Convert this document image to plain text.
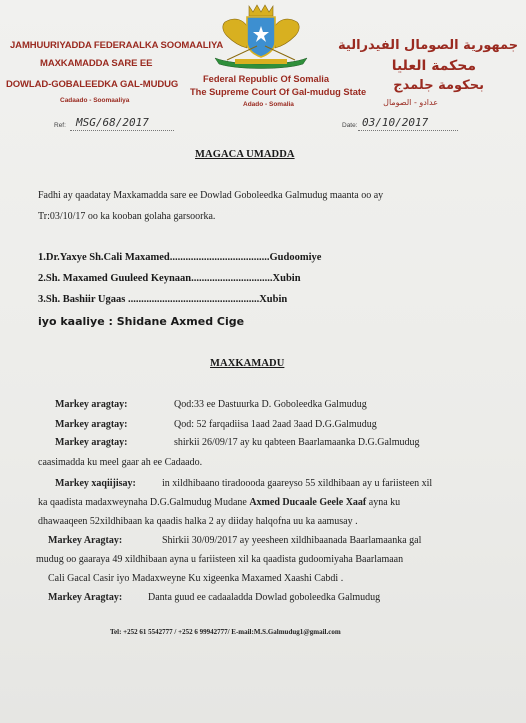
JAMHUURIYADDA FEDERAALKA SOOMAALIYA
MAXKAMADDA SARE EE
DOWLAD-GOBALEEDKA GAL-MUDUG
Cadaado - Soomaaliya
Federal Republic Of Somalia
The Supreme Court Of Gal-mudug State
Adado - Somalia
جمهورية الصومال الفيدرالية
محكمة العليا
بحكومة جلمدج
عدادو - الصومال
Ref: MSG/68/2017	Date: 03/10/2017
MAGACA UMADDA
Fadhi ay qaadatay Maxkamadda sare ee Dowlad Goboleedka Galmudug maanta oo ay
Tr:03/10/17 oo ka kooban golaha garsoorka.
1.Dr.Yaxye Sh.Cali Maxamed......................................Gudoomiye
2.Sh. Maxamed Guuleed Keynaan...............................Xubin
3.Sh. Bashiir Ugaas ..................................................Xubin
iyo kaaliye : Shidane Axmed Cige
MAXKAMADU
Markey aragtay:	Qod:33 ee Dastuurka D. Goboleedka Galmudug
Markey aragtay:	Qod: 52 farqadiisa 1aad 2aad 3aad D.G.Galmudug
Markey aragtay:	shirkii 26/09/17 ay ku qabteen Baarlamaanka D.G.Galmudug
caasimadda ku meel gaar ah ee Cadaado.
Markey xaqiijisay:	in xildhibaano tiradoooda gaareyso 55 xildhibaan ay u fariisteen xil
ka qaadista madaxweynaha D.G.Galmudug Mudane Axmed Ducaale Geele Xaaf ayna ku
dhawaaqeen 52xildhibaan ka qaadis halka 2 ay diiday halqofna uu ka aamusay .
Markey Aragtay:	Shirkii 30/09/2017 ay yeesheen xildhibaanada Baarlamaanka gal
mudug oo gaaraya 49 xildhibaan ayna u fariisteen xil ka qaadista gudoomiyaha Baarlamaan
Cali Gacal Casir iyo Madaxweyne Ku xigeenka Maxamed Xaashi Cabdi .
Markey Aragtay:	Danta guud ee cadaaladda Dowlad goboleedka Galmudug
Tel: +252 61 5542777 / +252 6 99942777/ E-mail:M.S.Galmudug1@gmail.com
